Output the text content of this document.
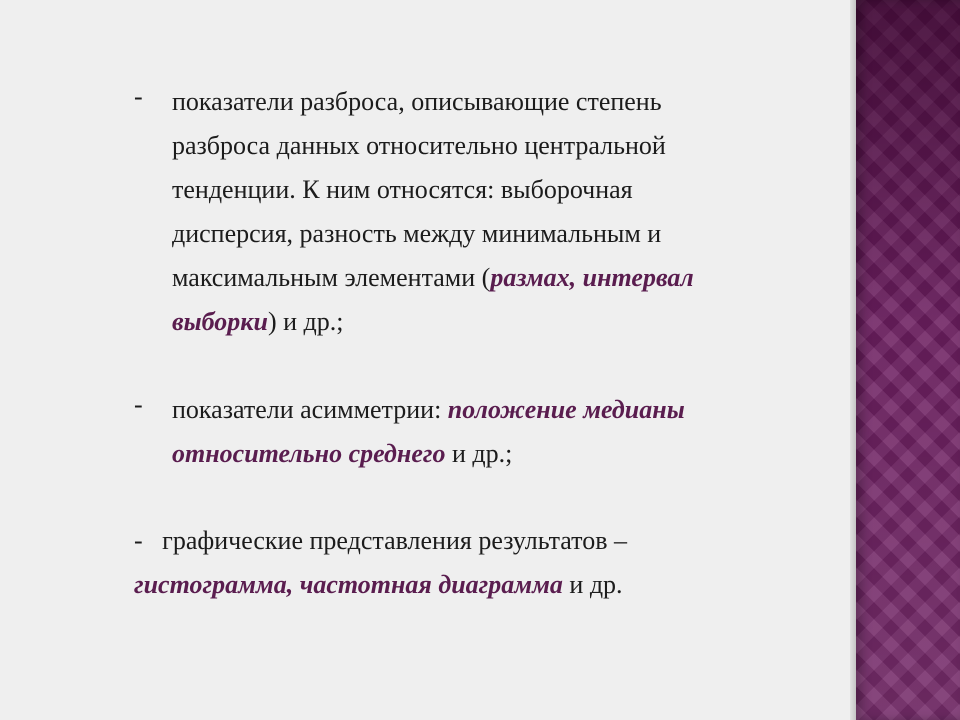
- показатели разброса, описывающие степень
разброса данных относительно центральной
тенденции. К ним относятся: выборочная
дисперсия, разность между минимальным и
максимальным элементами (размах, интервал
выборки) и др.;
- показатели асимметрии: положение медианы
относительно среднего и др.;
-   графические представления результатов –
гистограмма, частотная диаграмма и др.
